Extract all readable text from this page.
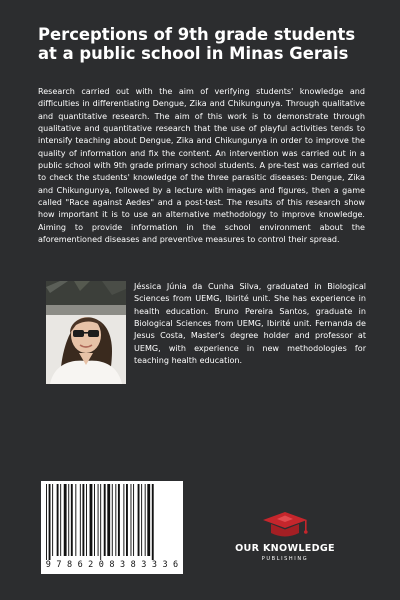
Perceptions of 9th grade students at a public school in Minas Gerais

Research carried out with the aim of verifying students' knowledge and difficulties in differentiating Dengue, Zika and Chikungunya. Through qualitative and quantitative research. The aim of this work is to demonstrate through qualitative and quantitative research that the use of playful activities tends to intensify teaching about Dengue, Zika and Chikungunya in order to improve the quality of information and fix the content. An intervention was carried out in a public school with 9th grade primary school students. A pre-test was carried out to check the students' knowledge of the three parasitic diseases: Dengue, Zika and Chikungunya, followed by a lecture with images and figures, then a game called "Race against Aedes" and a post-test. The results of this research show how important it is to use an alternative methodology to improve knowledge. Aiming to provide information in the school environment about the aforementioned diseases and preventive measures to control their spread.

Jéssica Júnia da Cunha Silva, graduated in Biological Sciences from UEMG, Ibirité unit. She has experience in health education. Bruno Pereira Santos, graduate in Biological Sciences from UEMG, Ibirité unit. Fernanda de Jesus Costa, Master's degree holder and professor at UEMG, with experience in new methodologies for teaching health education.

9 7 8 6 2 0 8 3 8 3 3 3 6
OUR KNOWLEDGE
PUBLISHING
